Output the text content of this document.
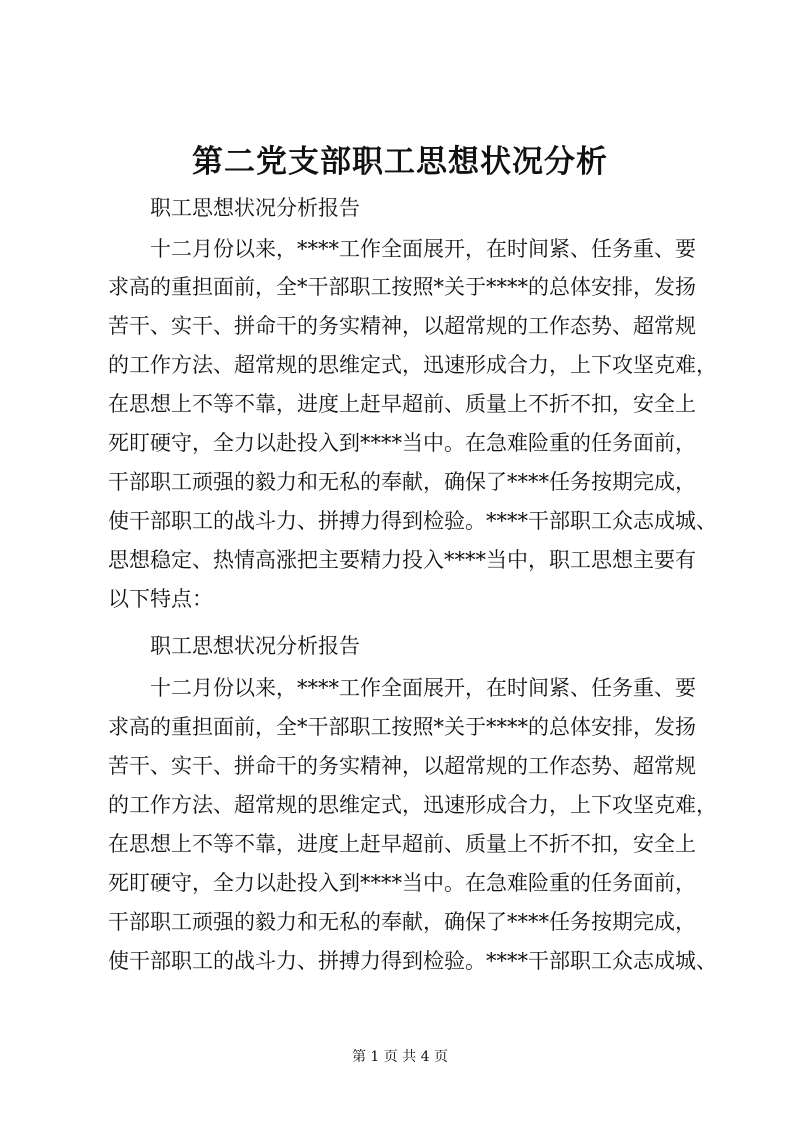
第二党支部职工思想状况分析
职工思想状况分析报告
十二月份以来，****工作全面展开，在时间紧、任务重、要
求高的重担面前，全*干部职工按照*关于****的总体安排，发扬
苦干、实干、拼命干的务实精神，以超常规的工作态势、超常规
的工作方法、超常规的思维定式，迅速形成合力，上下攻坚克难，
在思想上不等不靠，进度上赶早超前、质量上不折不扣，安全上
死盯硬守，全力以赴投入到****当中。在急难险重的任务面前，
干部职工顽强的毅力和无私的奉献，确保了****任务按期完成，
使干部职工的战斗力、拼搏力得到检验。****干部职工众志成城、
思想稳定、热情高涨把主要精力投入****当中，职工思想主要有
以下特点：
职工思想状况分析报告
十二月份以来，****工作全面展开，在时间紧、任务重、要
求高的重担面前，全*干部职工按照*关于****的总体安排，发扬
苦干、实干、拼命干的务实精神，以超常规的工作态势、超常规
的工作方法、超常规的思维定式，迅速形成合力，上下攻坚克难，
在思想上不等不靠，进度上赶早超前、质量上不折不扣，安全上
死盯硬守，全力以赴投入到****当中。在急难险重的任务面前，
干部职工顽强的毅力和无私的奉献，确保了****任务按期完成，
使干部职工的战斗力、拼搏力得到检验。****干部职工众志成城、
第 1 页 共 4 页
